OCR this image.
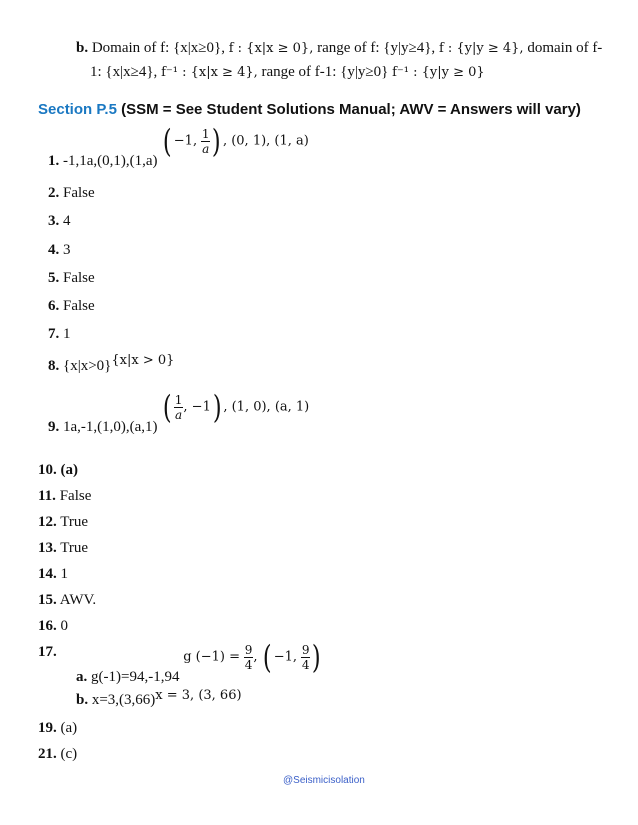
b. Domain of f: {x|x≥0}, f : {x|x ≥ 0}, range of f: {y|y≥4}, f : {y|y ≥ 4}, domain of f-
1: {x|x≥4}, f⁻¹ : {x|x ≥ 4}, range of f-1: {y|y≥0} f⁻¹ : {y|y ≥ 0}
Section P.5 (SSM = See Student Solutions Manual; AWV = Answers will vary)
1. -1,1a,(0,1),(1,a) ( −1, $\frac{1}{a}$ ) , (0, 1), (1, a)
2. False
3. 4
4. 3
5. False
6. False
7. 1
8. {x|x>0}{x|x > 0}
9. 1a,-1,(1,0),(a,1) ( $\frac{1}{a}$ , −1) , (1, 0), (a, 1)
10. (a)
11. False
12. True
13. True
14. 1
15. AWV.
16. 0
17.
a. g(-1)=94,-1,94 g $(-1) = \frac{9}{4}$ , ( −1, $\frac{9}{4}$ )
b. x=3,(3,66)x = 3, (3, 66)
19. (a)
21. (c)
@Seismicisolation
